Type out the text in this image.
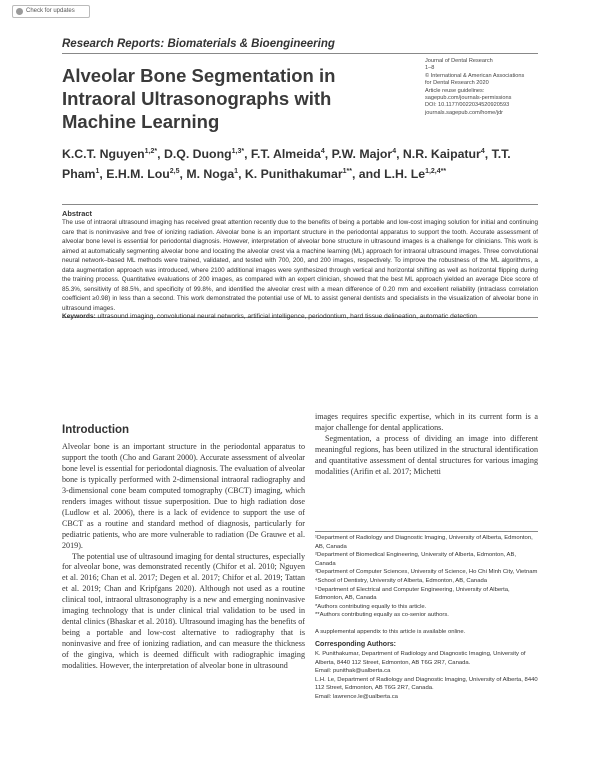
Check for updates
Research Reports: Biomaterials & Bioengineering
Alveolar Bone Segmentation in Intraoral Ultrasonographs with Machine Learning
Journal of Dental Research
1–8
© International & American Associations
for Dental Research 2020
Article reuse guidelines:
sagepub.com/journals-permissions
DOI: 10.1177/0022034520920593
journals.sagepub.com/home/jdr
K.C.T. Nguyen$^{1,2*}$, D.Q. Duong$^{1,3*}$, F.T. Almeida$^4$, P.W. Major$^4$, N.R. Kaipatur$^4$, T.T. Pham$^1$, E.H.M. Lou$^{2,5}$, M. Noga$^1$, K. Punithakumar$^{1**}$, and L.H. $Le^{1,2,4**}$
Abstract
The use of intraoral ultrasound imaging has received great attention recently due to the benefits of being a portable and low-cost imaging solution for initial and continuing care that is noninvasive and free of ionizing radiation. Alveolar bone is an important structure in the periodontal apparatus to support the tooth. Accurate assessment of alveolar bone level is essential for periodontal diagnosis. However, interpretation of alveolar bone structure in ultrasound images is a challenge for clinicians. This work is aimed at automatically segmenting alveolar bone and locating the alveolar crest via a machine learning (ML) approach for intraoral ultrasound images. Three convolutional neural network–based ML methods were trained, validated, and tested with 700, 200, and 200 images, respectively. To improve the robustness of the ML algorithms, a data augmentation approach was introduced, where 2100 additional images were synthesized through vertical and horizontal shifting as well as horizontal flipping during the training process. Quantitative evaluations of 200 images, as compared with an expert clinician, showed that the best ML approach yielded an average Dice score of 85.3%, sensitivity of 88.5%, and specificity of 99.8%, and identified the alveolar crest with a mean difference of 0.20 mm and excellent reliability (intraclass correlation coefficient ≥0.98) in less than a second. This work demonstrated the potential use of ML to assist general dentists and specialists in the visualization of alveolar bone in ultrasound images.
Keywords: ultrasound imaging, convolutional neural networks, artificial intelligence, periodontium, hard tissue delineation, automatic detection
Introduction

Alveolar bone is an important structure in the periodontal apparatus to support the tooth (Cho and Garant 2000). Accurate assessment of alveolar bone level is essential for periodontal diagnosis. The evaluation of alveolar bone is typically performed with 2-dimensional intraoral radiography and 3-dimensional cone beam computed tomography (CBCT) imaging, which renders images without tissue superposition. Due to high radiation dose (Ludlow et al. 2006), there is a lack of evidence to support the use of CBCT as a routine and standard method of diagnosis, particularly for pediatric patients, who are more vulnerable to radiation (De Grauwe et al. 2019).

The potential use of ultrasound imaging for dental structures, especially for alveolar bone, was demonstrated recently (Chifor et al. 2010; Nguyen et al. 2016; Chan et al. 2017; Degen et al. 2017; Chifor et al. 2019; Tattan et al. 2019; Chan and Kripfgans 2020). Although not used as a routine clinical tool, intraoral ultrasonography is a new and emerging noninvasive imaging technology that is under clinical trial validation to be used in dental clinics (Bhaskar et al. 2018). Ultrasound imaging has the benefits of being a portable and low-cost alternative to radiography that is noninvasive and free of ionizing radiation, and can measure the thickness of the gingiva, which is deemed difficult with radiographic imaging modalities. However, the interpretation of alveolar bone in ultrasound

images requires specific expertise, which in its current form is a major challenge for dental applications.

Segmentation, a process of dividing an image into different meaningful regions, has been utilized in the structural identification and quantitative assessment of dental structures for various imaging modalities (Arifin et al. 2017; Michetti

¹Department of Radiology and Diagnostic Imaging, University of Alberta, Edmonton, AB, Canada
²Department of Biomedical Engineering, University of Alberta, Edmonton, AB, Canada
³Department of Computer Sciences, University of Science, Ho Chi Minh City, Vietnam
⁴School of Dentistry, University of Alberta, Edmonton, AB, Canada
⁵Department of Electrical and Computer Engineering, University of Alberta, Edmonton, AB, Canada
*Authors contributing equally to this article.
**Authors contributing equally as co-senior authors.
A supplemental appendix to this article is available online.
Corresponding Authors:
K. Punithakumar, Department of Radiology and Diagnostic Imaging, University of Alberta, 8440 112 Street, Edmonton, AB T6G 2R7, Canada.
Email: punithak@ualberta.ca
L.H. Le, Department of Radiology and Diagnostic Imaging, University of Alberta, 8440 112 Street, Edmonton, AB T6G 2R7, Canada.
Email: lawrence.le@ualberta.ca
